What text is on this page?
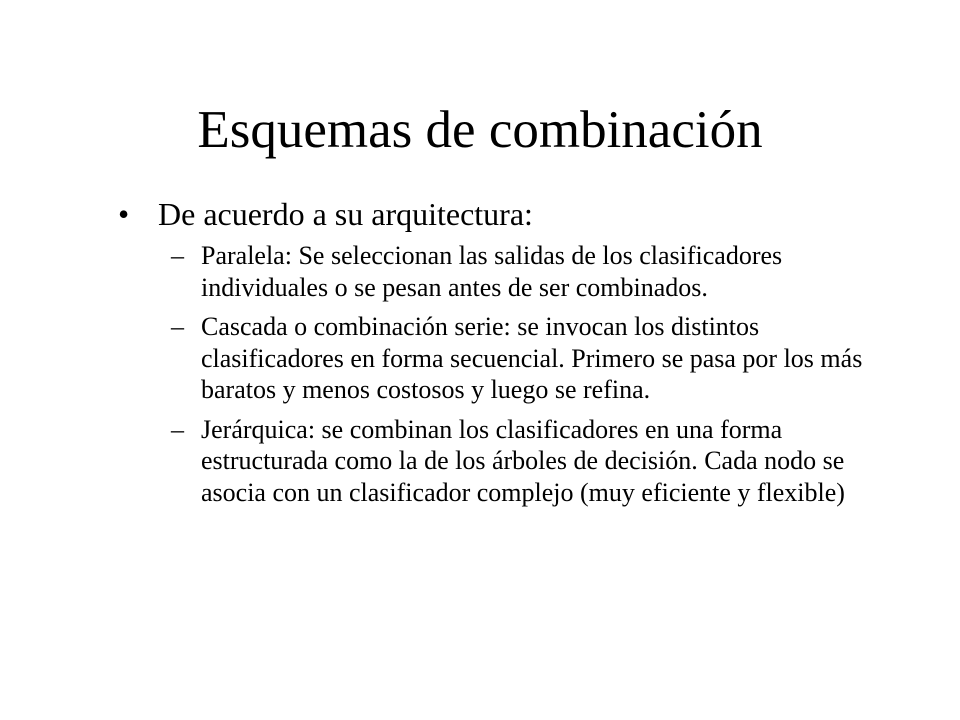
Esquemas de combinación
• De acuerdo a su arquitectura:
– Paralela: Se seleccionan las salidas de los clasificadores individuales o se pesan antes de ser combinados.
– Cascada o combinación serie: se invocan los distintos clasificadores en forma secuencial. Primero se pasa por los más baratos y menos costosos y luego se refina.
– Jerárquica: se combinan los clasificadores en una forma estructurada como la de los árboles de decisión. Cada nodo se asocia con un clasificador complejo (muy eficiente y flexible)
